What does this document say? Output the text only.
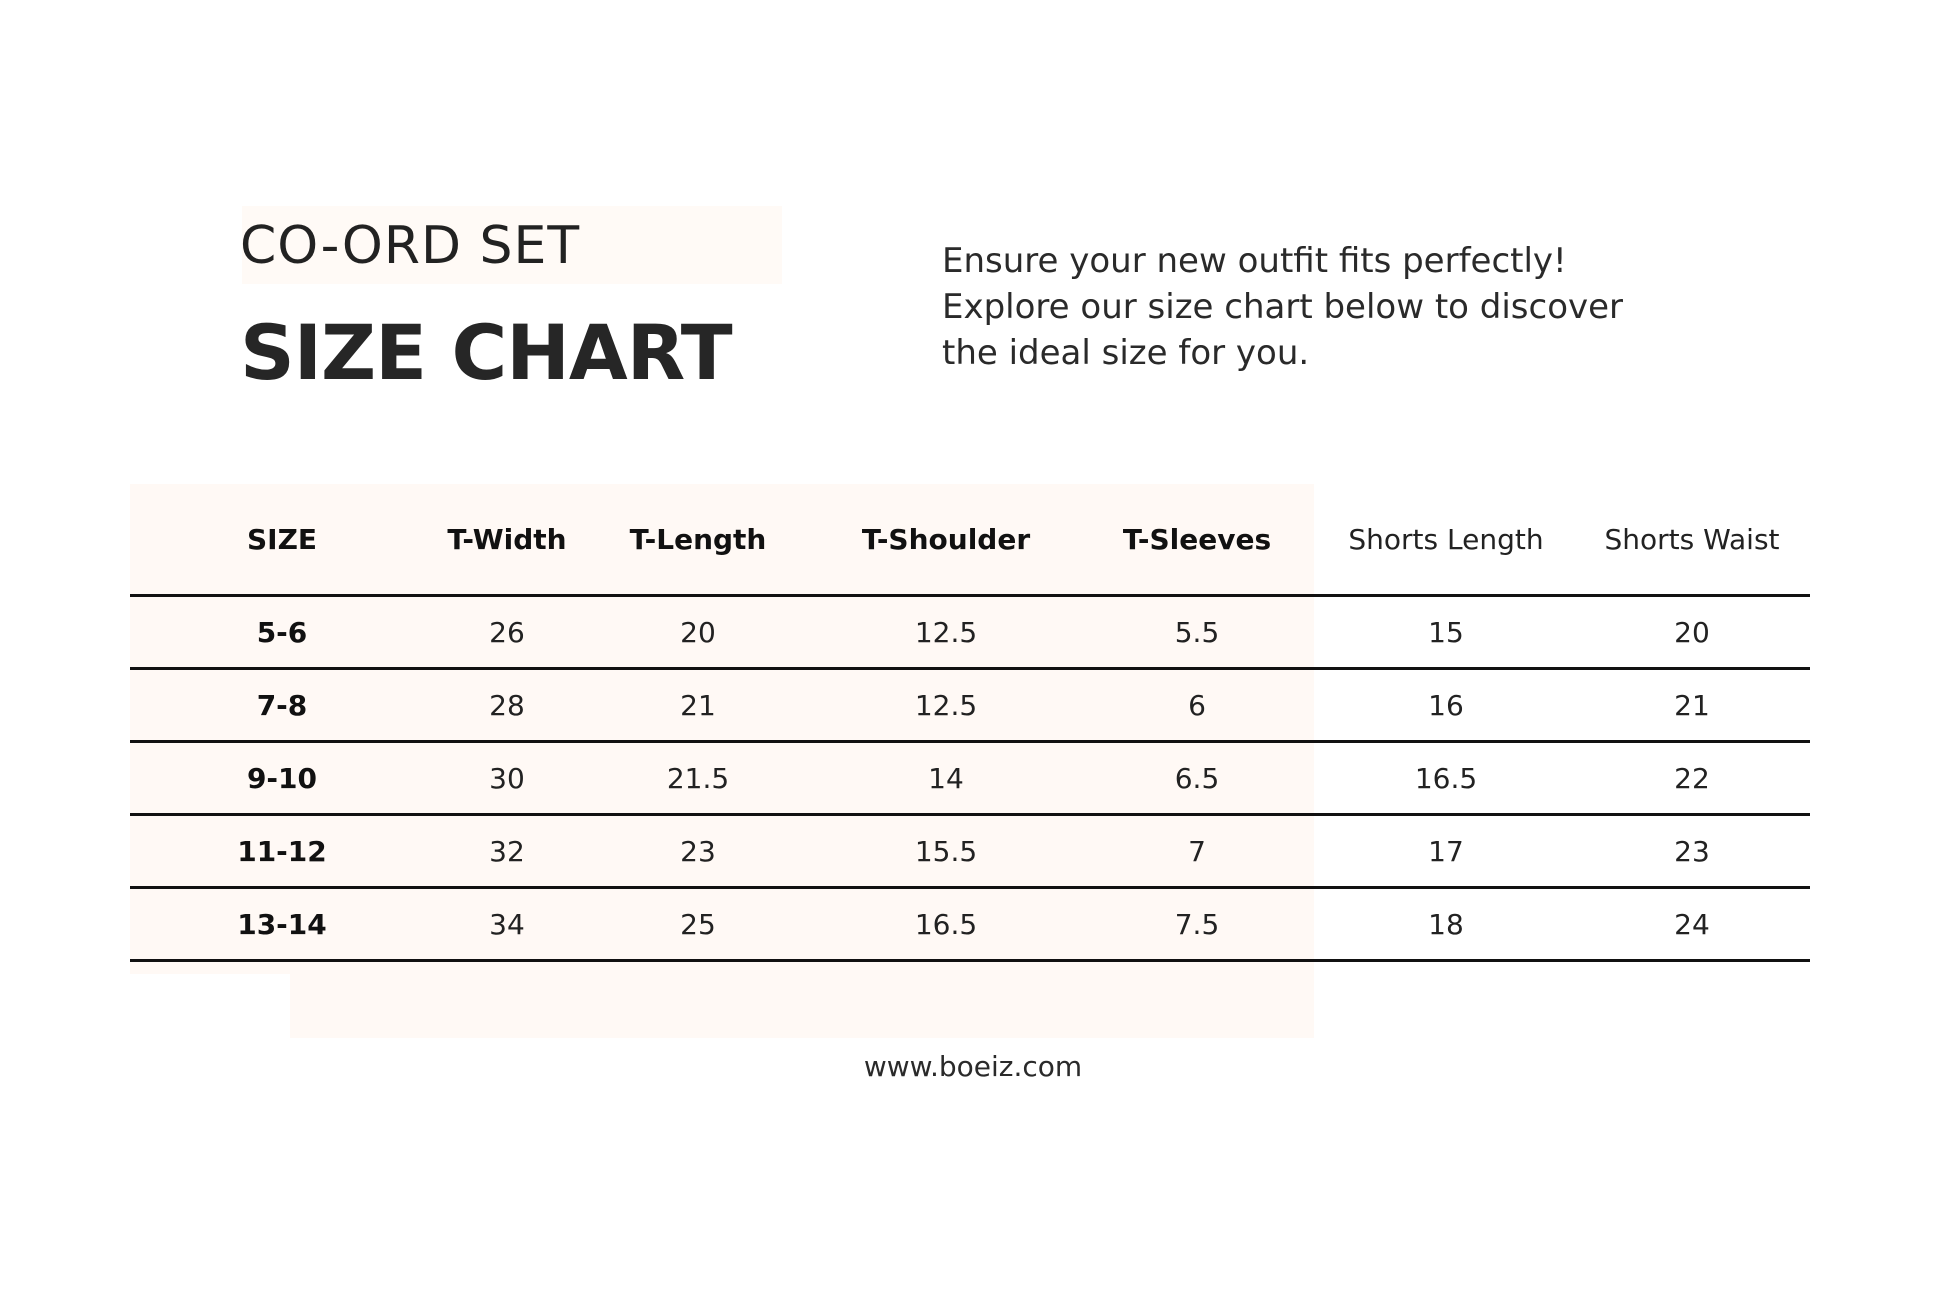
CO-ORD SET
SIZE CHART

Ensure your new outfit fits perfectly!
Explore our size chart below to discover
the ideal size for you.

SIZE	T-Width	T-Length	T-Shoulder	T-Sleeves	Shorts Length	Shorts Waist
5-6	26	20	12.5	5.5	15	20
7-8	28	21	12.5	6	16	21
9-10	30	21.5	14	6.5	16.5	22
11-12	32	23	15.5	7	17	23
13-14	34	25	16.5	7.5	18	24

www.boeiz.com
